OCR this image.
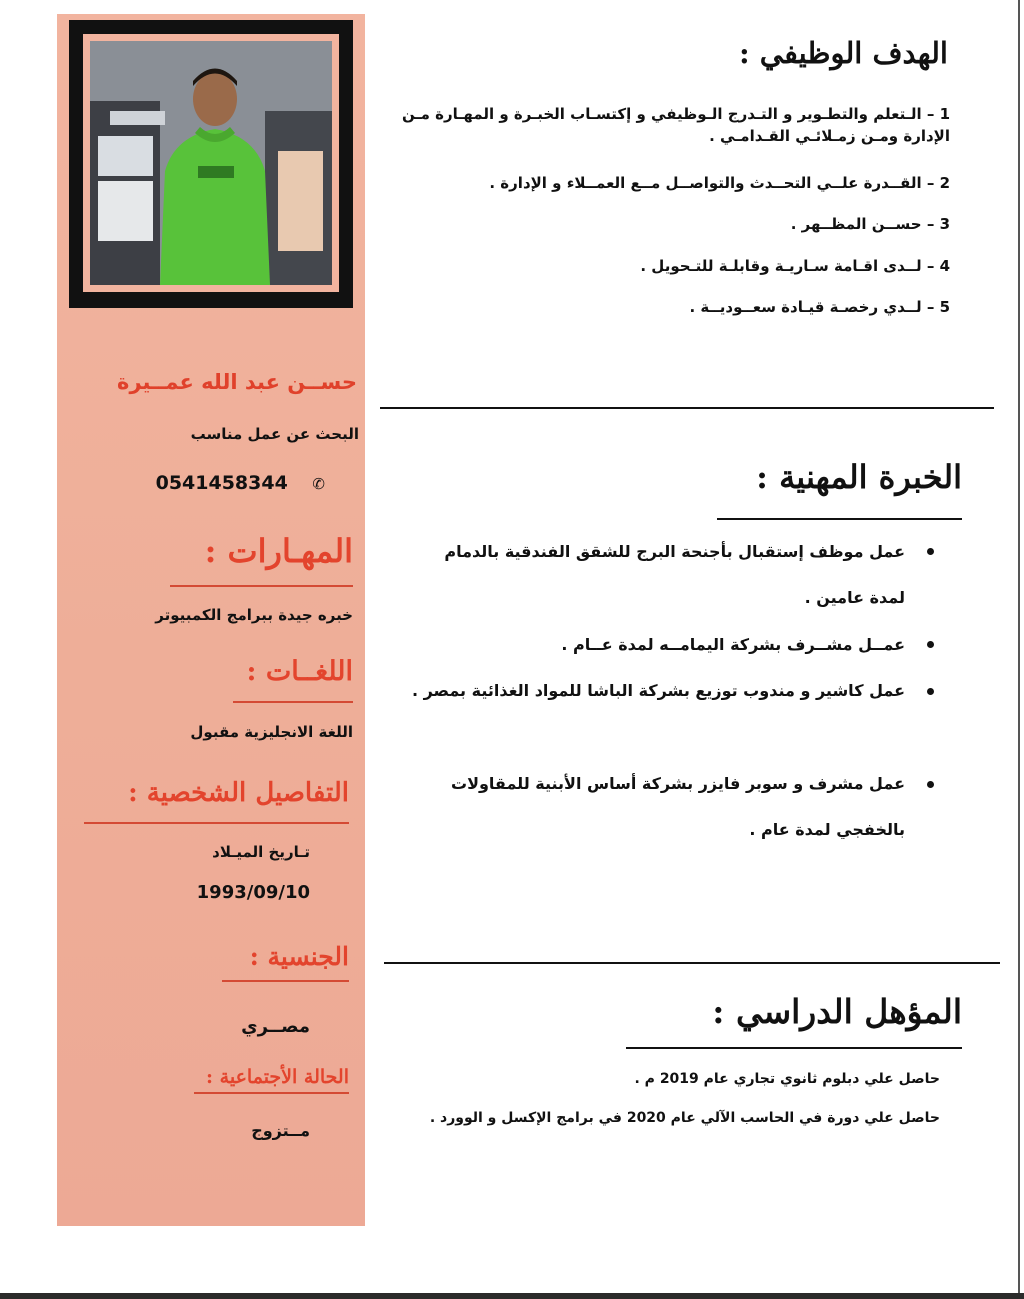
حســن عبد الله عمــيرة
البحث عن عمل مناسب
0541458344 ✆
المهـارات :
خبره جيدة ببرامج الكمبيوتر
اللغــات :
اللغة الانجليزية مقبول
التفاصيل الشخصية :
تـاريخ الميـلاد
1993/09/10
الجنسية :
مصــري
الحالة الأجتماعية :
مــتزوج
الهدف الوظيفي :
1 – الـتعلم والتطـوير و التـدرج الـوظيفي و إكتسـاب الخبـرة و المهـارة مـن الإدارة ومـن زمـلائـي القـدامـي .
2 – القــدرة علــي التحــدث والتواصــل مــع العمــلاء و الإدارة .
3 – حســن المظــهر .
4 – لــدى اقـامة سـاريـة وقابلـة للتـحويل .
5 – لــدي رخصـة قيـادة سعــوديــة .
الخبرة المهنية :
عمل موظف إستقبال بأجنحة البرج للشقق الفندقية بالدمام لمدة عامين .
عمــل مشــرف بشركة اليمامــه لمدة عــام .
عمل كاشير و مندوب توزيع بشركة الباشا للمواد الغذائية بمصر .
عمل مشرف و سوبر فايزر بشركة أساس الأبنية للمقاولات بالخفجي لمدة عام .
المؤهل الدراسي :
حاصل علي دبلوم ثانوي تجاري عام 2019 م .
حاصل علي دورة في الحاسب الآلي عام 2020 في برامج الإكسل و الوورد .
